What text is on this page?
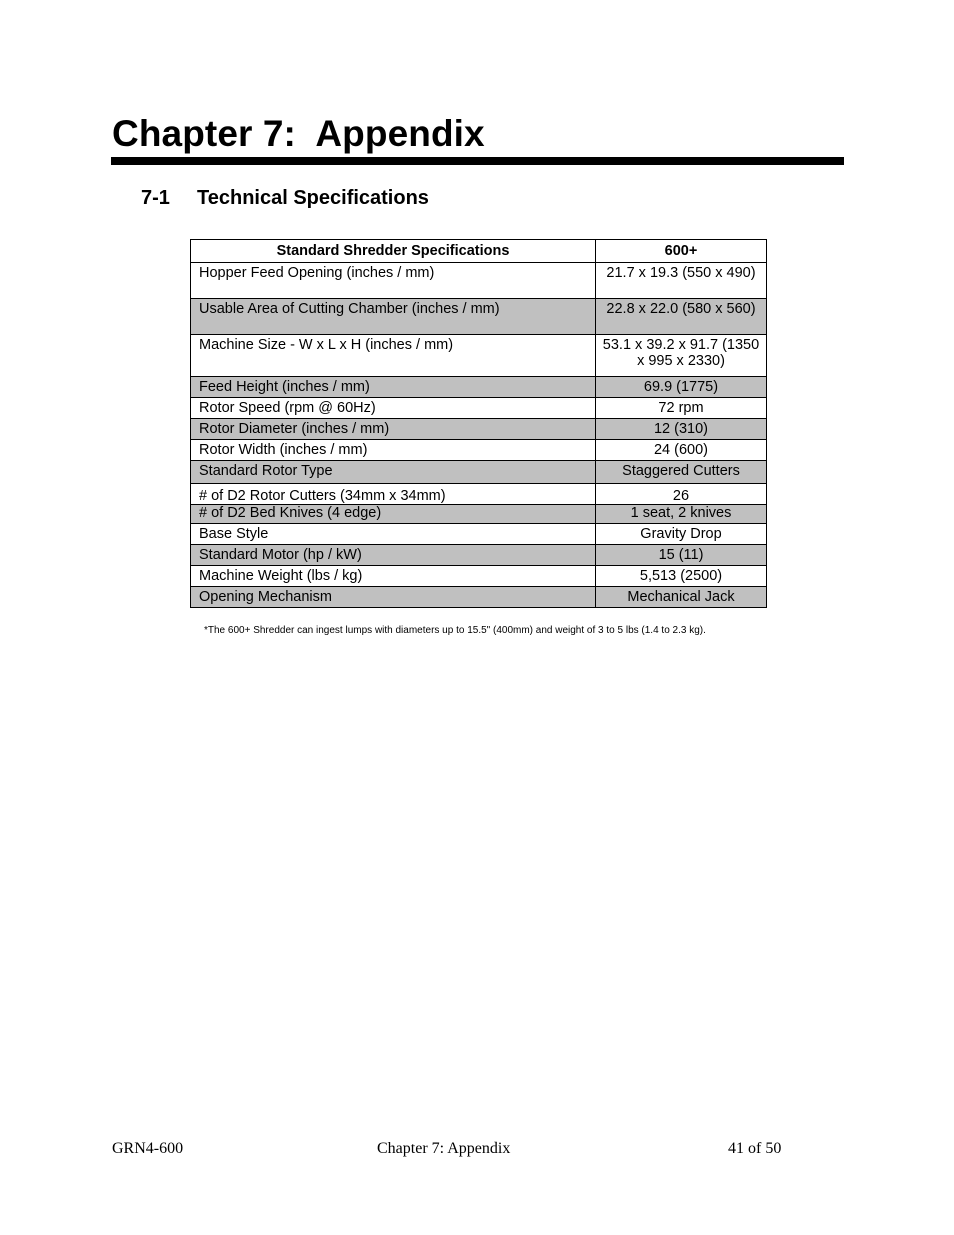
Chapter 7:  Appendix
7-1 Technical Specifications
Standard Shredder Specifications	600+
Hopper Feed Opening (inches / mm)	21.7 x 19.3 (550 x 490)
Usable Area of Cutting Chamber (inches / mm)	22.8 x 22.0 (580 x 560)
Machine Size - W x L x H (inches / mm)	53.1 x 39.2 x 91.7 (1350 x 995 x 2330)
Feed Height (inches / mm)	69.9 (1775)
Rotor Speed (rpm @ 60Hz)	72 rpm
Rotor Diameter (inches / mm)	12 (310)
Rotor Width (inches / mm)	24 (600)
Standard Rotor Type	Staggered Cutters
# of D2 Rotor Cutters (34mm x 34mm)	26
# of D2 Bed Knives (4 edge)	1 seat, 2 knives
Base Style	Gravity Drop
Standard Motor (hp / kW)	15 (11)
Machine Weight (lbs / kg)	5,513 (2500)
Opening Mechanism	Mechanical Jack

*The 600+ Shredder can ingest lumps with diameters up to 15.5" (400mm) and weight of 3 to 5 lbs (1.4 to 2.3 kg).

GRN4-600	Chapter 7: Appendix	41 of 50
